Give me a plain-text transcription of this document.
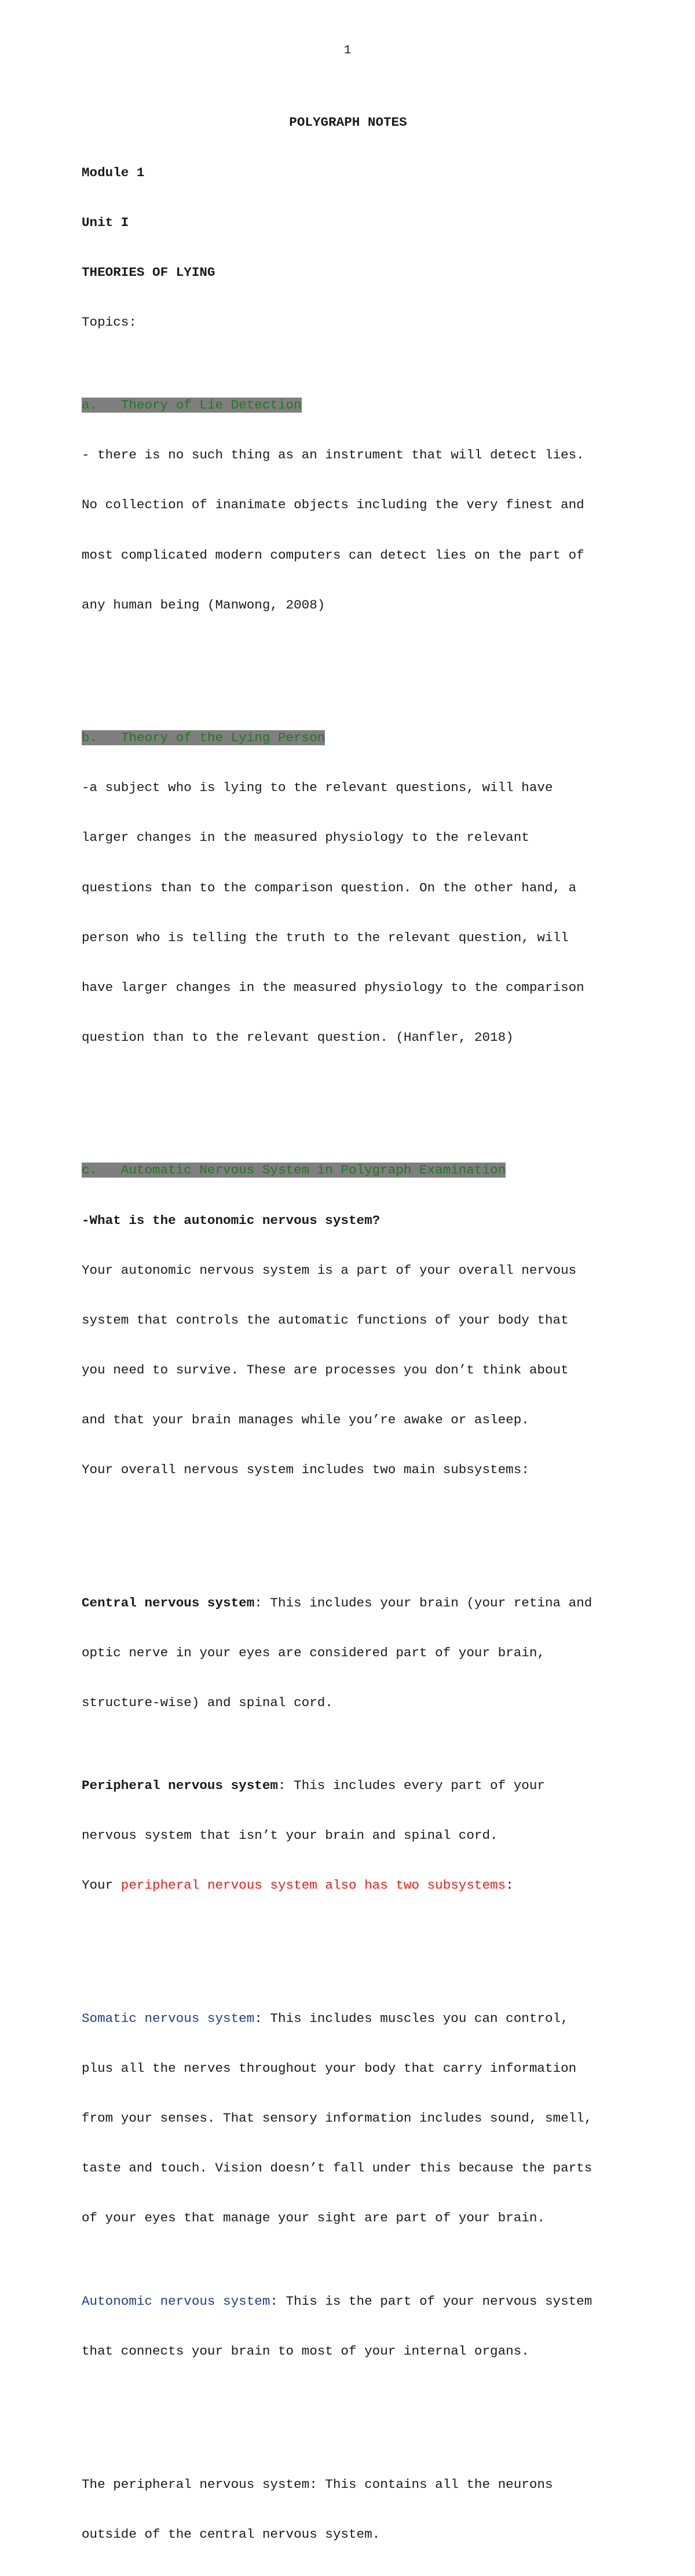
1

POLYGRAPH NOTES

Module 1

Unit I

THEORIES OF LYING

Topics:

a.   Theory of Lie Detection

- there is no such thing as an instrument that will detect lies.

No collection of inanimate objects including the very finest and

most complicated modern computers can detect lies on the part of

any human being (Manwong, 2008)

b.   Theory of the Lying Person

-a subject who is lying to the relevant questions, will have

larger changes in the measured physiology to the relevant

questions than to the comparison question. On the other hand, a

person who is telling the truth to the relevant question, will

have larger changes in the measured physiology to the comparison

question than to the relevant question. (Hanfler, 2018)

c.   Automatic Nervous System in Polygraph Examination

-What is the autonomic nervous system?

Your autonomic nervous system is a part of your overall nervous

system that controls the automatic functions of your body that

you need to survive. These are processes you don’t think about

and that your brain manages while you’re awake or asleep.

Your overall nervous system includes two main subsystems:

Central nervous system: This includes your brain (your retina and

optic nerve in your eyes are considered part of your brain,

structure-wise) and spinal cord.

Peripheral nervous system: This includes every part of your

nervous system that isn’t your brain and spinal cord.

Your peripheral nervous system also has two subsystems:

Somatic nervous system: This includes muscles you can control,

plus all the nerves throughout your body that carry information

from your senses. That sensory information includes sound, smell,

taste and touch. Vision doesn’t fall under this because the parts

of your eyes that manage your sight are part of your brain.

Autonomic nervous system: This is the part of your nervous system

that connects your brain to most of your internal organs.

The peripheral nervous system: This contains all the neurons

outside of the central nervous system.
